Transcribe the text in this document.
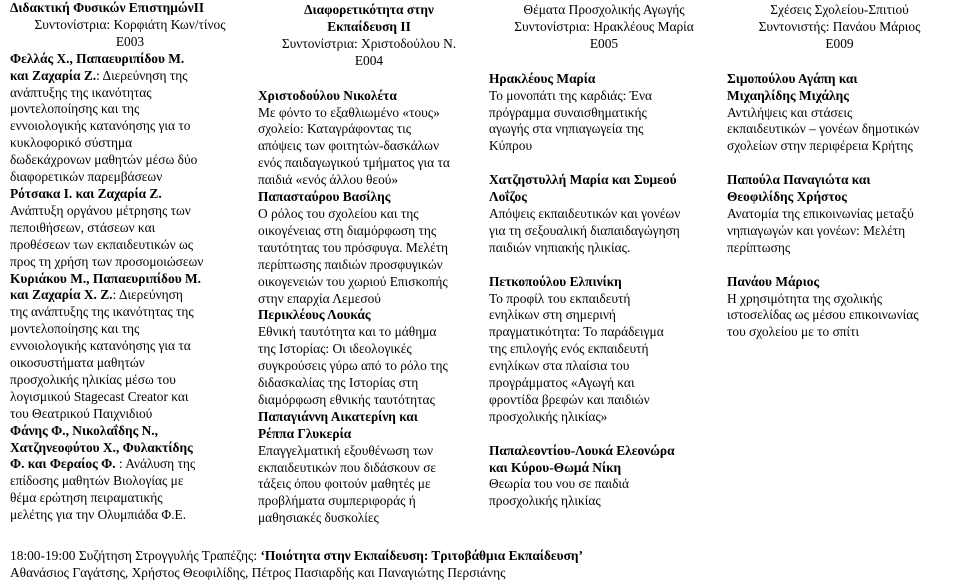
Διδακτική Φυσικών ΕπιστημώνΙΙ
Συντονίστρια: Κορφιάτη Κων/τίνος
Ε003
Φελλάς Χ., Παπαευριπίδου Μ.
και Ζαχαρία Ζ.: Διερεύνηση της
ανάπτυξης της ικανότητας
μοντελοποίησης και της
εννοιολογικής κατανόησης για το
κυκλοφορικό σύστημα
δωδεκάχρονων μαθητών μέσω δύο
διαφορετικών παρεμβάσεων
Ρότσακα Ι. και Ζαχαρία Ζ.
Ανάπτυξη οργάνου μέτρησης των
πεποιθήσεων, στάσεων και
προθέσεων των εκπαιδευτικών ως
προς τη χρήση των προσομοιώσεων
Κυριάκου Μ., Παπαευριπίδου Μ.
και Ζαχαρία Χ. Ζ.: Διερεύνηση
της ανάπτυξης της ικανότητας της
μοντελοποίησης και της
εννοιολογικής κατανόησης για τα
οικοσυστήματα μαθητών
προσχολικής ηλικίας μέσω του
λογισμικού Stagecast Creator και
του Θεατρικού Παιχνιδιού
Φάνης Φ., Νικολαΐδης Ν.,
Χατζηνεοφύτου Χ., Φυλακτίδης
Φ. και Φεραίος Φ. : Ανάλυση της
επίδοσης μαθητών Βιολογίας με
θέμα ερώτηση πειραματικής
μελέτης για την Ολυμπιάδα Φ.Ε.
Διαφορετικότητα στην
Εκπαίδευση ΙΙ
Συντονίστρια: Χριστοδούλου Ν.
Ε004
Χριστοδούλου Νικολέτα
Με φόντο το εξαθλιωμένο «τους»
σχολείο: Καταγράφοντας τις
απόψεις των φοιτητών-δασκάλων
ενός παιδαγωγικού τμήματος για τα
παιδιά «ενός άλλου θεού»
Παπασταύρου Βασίλης
Ο ρόλος του σχολείου και της
οικογένειας στη διαμόρφωση της
ταυτότητας του πρόσφυγα. Μελέτη
περίπτωσης παιδιών προσφυγικών
οικογενειών του χωριού Επισκοπής
στην επαρχία Λεμεσού
Περικλέους Λουκάς
Εθνική ταυτότητα και το μάθημα
της Ιστορίας: Οι ιδεολογικές
συγκρούσεις γύρω από το ρόλο της
διδασκαλίας της Ιστορίας στη
διαμόρφωση εθνικής ταυτότητας
Παπαγιάννη Αικατερίνη και
Ρέππα Γλυκερία
Επαγγελματική εξουθένωση των
εκπαιδευτικών που διδάσκουν σε
τάξεις όπου φοιτούν μαθητές με
προβλήματα συμπεριφοράς ή
μαθησιακές δυσκολίες
Θέματα Προσχολικής Αγωγής
Συντονίστρια: Ηρακλέους Μαρία
Ε005
Ηρακλέους Μαρία
Το μονοπάτι της καρδιάς: Ένα
πρόγραμμα συναισθηματικής
αγωγής στα νηπιαγωγεία της
Κύπρου

Χατζηστυλλή Μαρία και Συμεού
Λοΐζος
Απόψεις εκπαιδευτικών και γονέων
για τη σεξουαλική διαπαιδαγώγηση
παιδιών νηπιακής ηλικίας.

Πετκοπούλου Ελπινίκη
Το προφίλ του εκπαιδευτή
ενηλίκων στη σημερινή
πραγματικότητα: Το παράδειγμα
της επιλογής ενός εκπαιδευτή
ενηλίκων στα πλαίσια του
προγράμματος «Αγωγή και
φροντίδα βρεφών και παιδιών
προσχολικής ηλικίας»

Παπαλεοντίου-Λουκά Ελεονώρα
και Κύρου-Θωμά Νίκη
Θεωρία του νου σε παιδιά
προσχολικής ηλικίας
Σχέσεις Σχολείου-Σπιτιού
Συντονιστής: Πανάου Μάριος
Ε009
Σιμοπούλου Αγάπη και
Μιχαηλίδης Μιχάλης
Αντιλήψεις και στάσεις
εκπαιδευτικών – γονέων δημοτικών
σχολείων στην περιφέρεια Κρήτης

Παπούλα Παναγιώτα και
Θεοφιλίδης Χρήστος
Ανατομία της επικοινωνίας μεταξύ
νηπιαγωγών και γονέων: Μελέτη
περίπτωσης

Πανάου Μάριος
Η χρησιμότητα της σχολικής
ιστοσελίδας ως μέσου επικοινωνίας
του σχολείου με το σπίτι
18:00-19:00 Συζήτηση Στρογγυλής Τραπέζης: ‘Ποιότητα στην Εκπαίδευση: Τριτοβάθμια Εκπαίδευση’
Αθανάσιος Γαγάτσης, Χρήστος Θεοφιλίδης, Πέτρος Πασιαρδής και Παναγιώτης Περσιάνης
